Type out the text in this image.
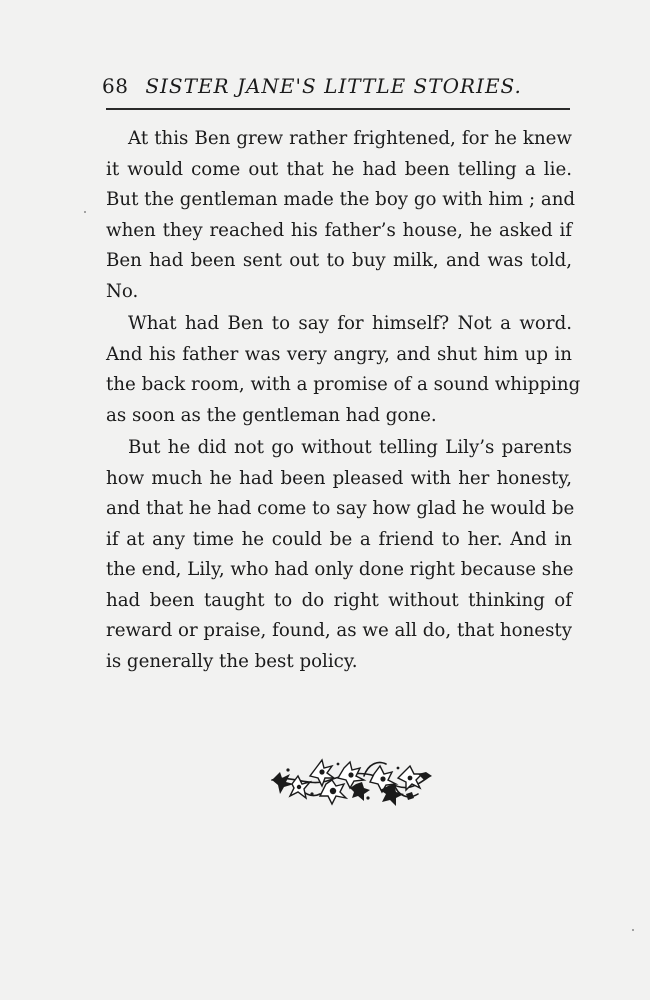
68 SISTER JANE'S LITTLE STORIES.

At this Ben grew rather frightened, for he knew
it would come out that he had been telling a lie.
But the gentleman made the boy go with him ; and
when they reached his father’s house, he asked if
Ben had been sent out to buy milk, and was told,
No.

What had Ben to say for himself? Not a word.
And his father was very angry, and shut him up in
the back room, with a promise of a sound whipping
as soon as the gentleman had gone.

But he did not go without telling Lily’s parents
how much he had been pleased with her honesty,
and that he had come to say how glad he would be
if at any time he could be a friend to her. And in
the end, Lily, who had only done right because she
had been taught to do right without thinking of
reward or praise, found, as we all do, that honesty
is generally the best policy.
